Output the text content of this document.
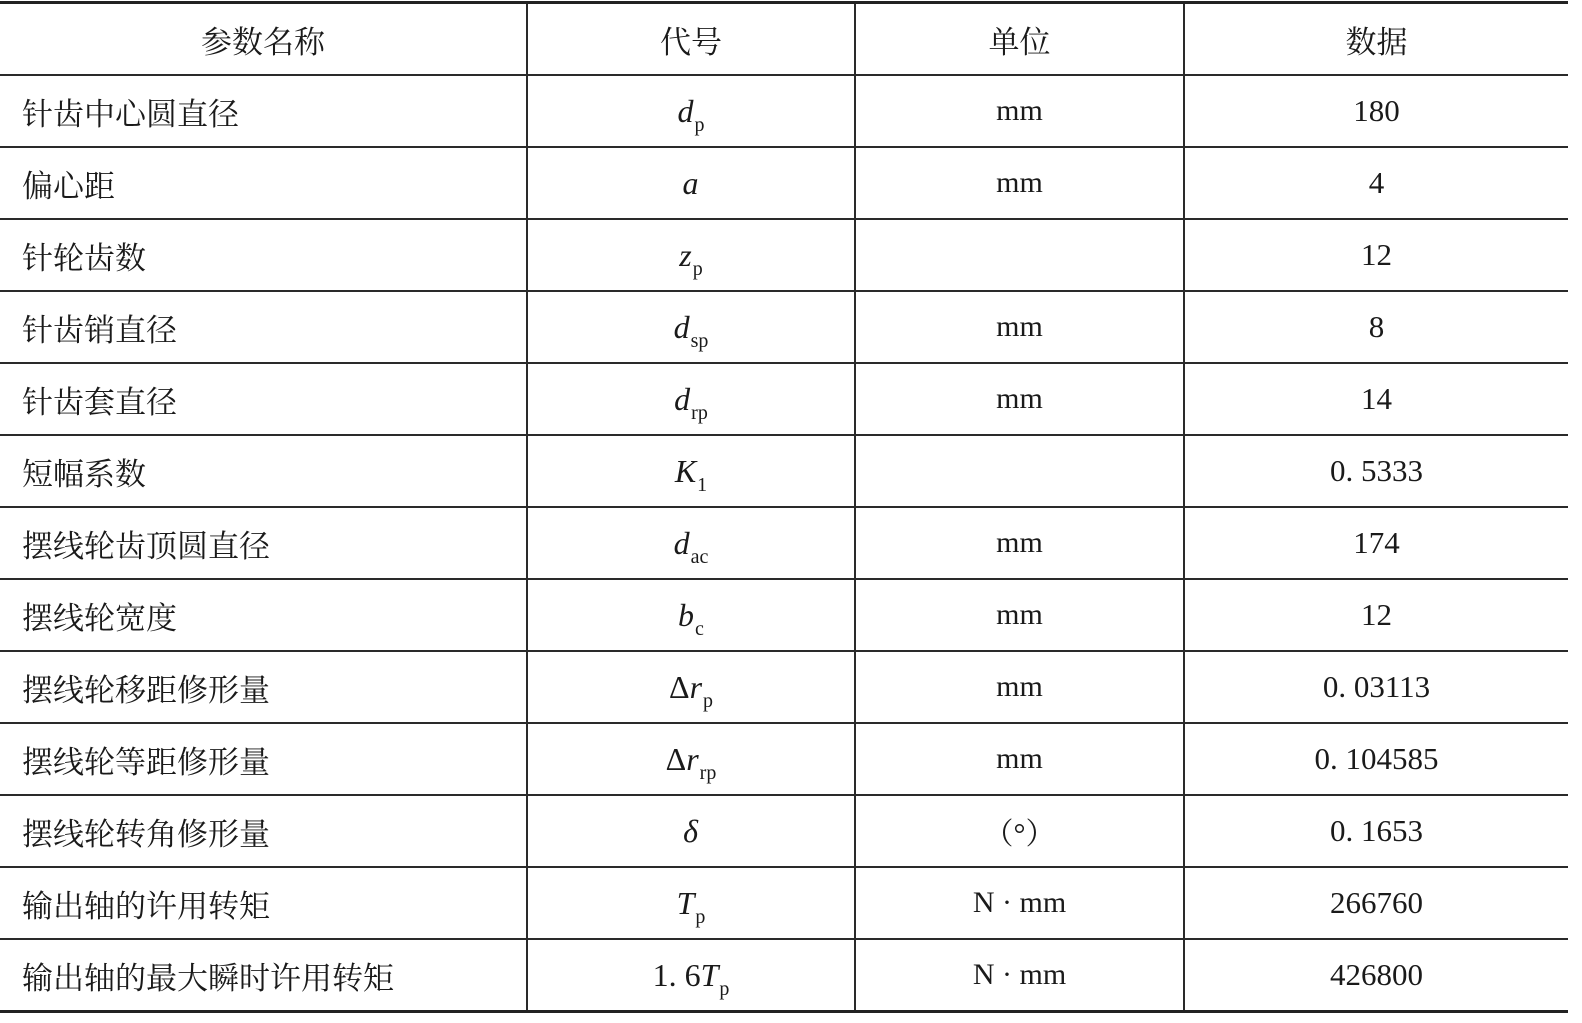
参数名称	代号	单位	数据
针齿中心圆直径	$d_p$	mm	180
偏心距	a	mm	4
针轮齿数	$z_p$		12
针齿销直径	$d_{sp}$	mm	8
针齿套直径	$d_{rp}$	mm	14
短幅系数	$K_1$		0. 5333
摆线轮齿顶圆直径	$d_{ac}$	mm	174
摆线轮宽度	$b_c$	mm	12
摆线轮移距修形量	$\Delta r_p$	mm	0. 03113
摆线轮等距修形量	$\Delta r_{rp}$	mm	0. 104585
摆线轮转角修形量	δ	（°）	0. 1653
输出轴的许用转矩	$T_p$	N · mm	266760
输出轴的最大瞬时许用转矩	1. $6T_p$	N · mm	426800
